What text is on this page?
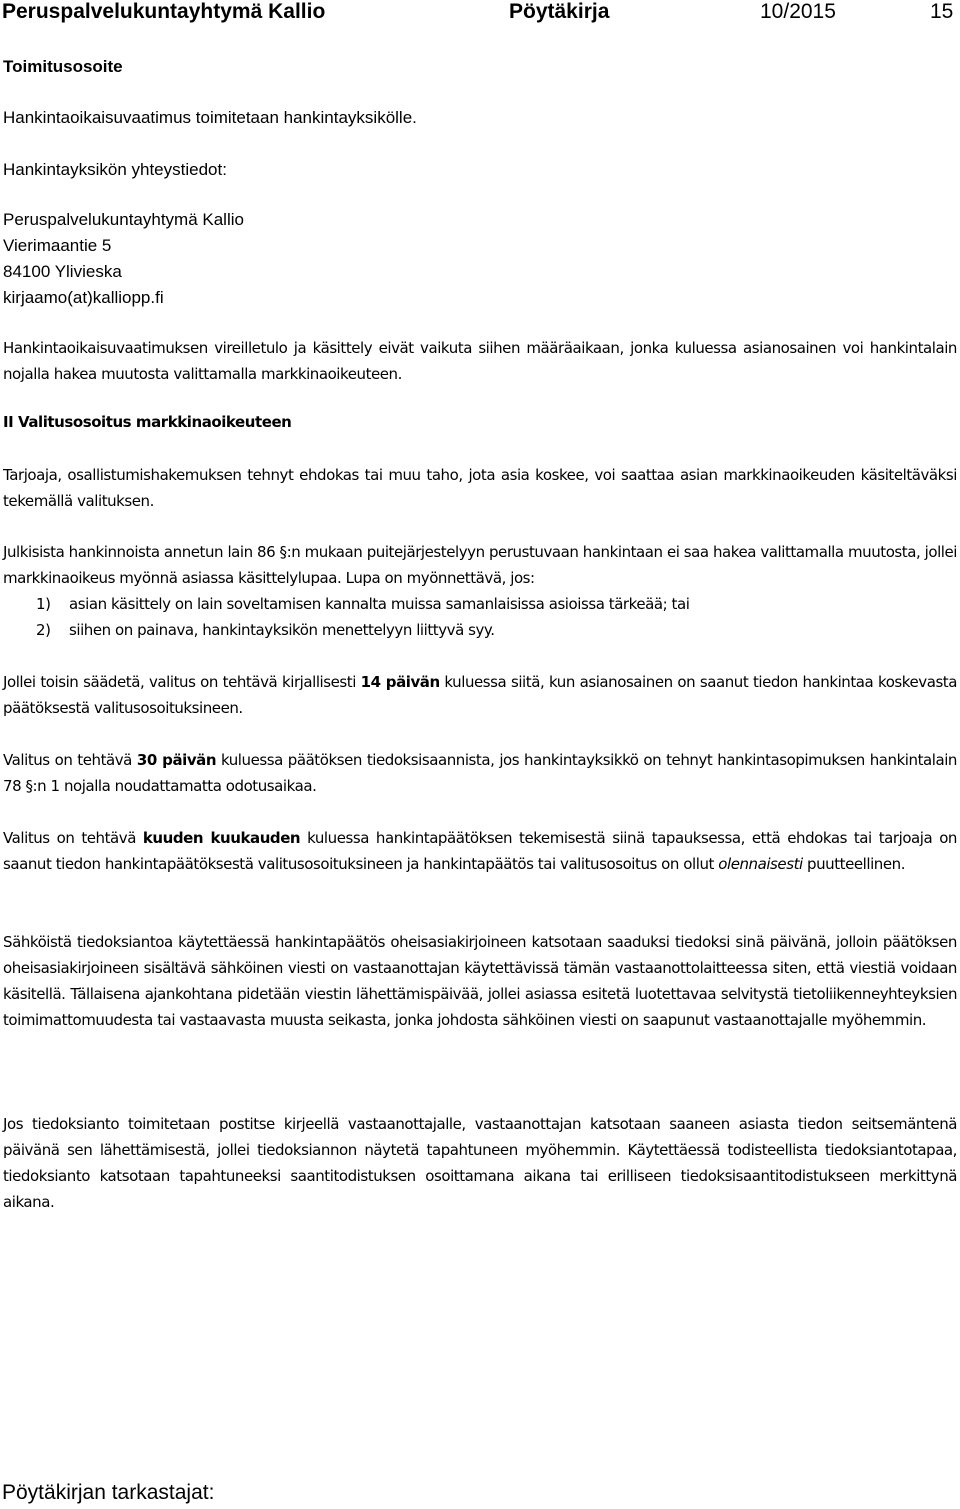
Peruspalvelukuntayhtymä Kallio	Pöytäkirja	10/2015	15

Toimitusosoite

Hankintaoikaisuvaatimus toimitetaan hankintayksikölle.

Hankintayksikön yhteystiedot:

Peruspalvelukuntayhtymä Kallio
Vierimaantie 5
84100 Ylivieska
kirjaamo(at)kalliopp.fi

Hankintaoikaisuvaatimuksen vireilletulo ja käsittely eivät vaikuta siihen määräaikaan, jonka kuluessa asianosainen voi hankintalain nojalla hakea muutosta valittamalla markkinaoikeuteen.

II Valitusosoitus markkinaoikeuteen

Tarjoaja, osallistumishakemuksen tehnyt ehdokas tai muu taho, jota asia koskee, voi saattaa asian markkinaoikeuden käsiteltäväksi tekemällä valituksen.

Julkisista hankinnoista annetun lain 86 §:n mukaan puitejärjestelyyn perustuvaan hankintaan ei saa hakea valittamalla muutosta, jollei markkinaoikeus myönnä asiassa käsittelylupaa. Lupa on myönnettävä, jos:

1) asian käsittely on lain soveltamisen kannalta muissa samanlaisissa asioissa tärkeää; tai
2) siihen on painava, hankintayksikön menettelyyn liittyvä syy.

Jollei toisin säädetä, valitus on tehtävä kirjallisesti 14 päivän kuluessa siitä, kun asianosainen on saanut tiedon hankintaa koskevasta päätöksestä valitusosoituksineen.

Valitus on tehtävä 30 päivän kuluessa päätöksen tiedoksisaannista, jos hankintayksikkö on tehnyt hankintasopimuksen hankintalain 78 §:n 1 nojalla noudattamatta odotusaikaa.

Valitus on tehtävä kuuden kuukauden kuluessa hankintapäätöksen tekemisestä siinä tapauksessa, että ehdokas tai tarjoaja on saanut tiedon hankintapäätöksestä valitusosoituksineen ja hankintapäätös tai valitusosoitus on ollut olennaisesti puutteellinen.

Sähköistä tiedoksiantoa käytettäessä hankintapäätös oheisasiakirjoineen katsotaan saaduksi tiedoksi sinä päivänä, jolloin päätöksen oheisasiakirjoineen sisältävä sähköinen viesti on vastaanottajan käytettävissä tämän vastaanottolaitteessa siten, että viestiä voidaan käsitellä. Tällaisena ajankohtana pidetään viestin lähettämispäivää, jollei asiassa esitetä luotettavaa selvitystä tietoliikenneyhteyksien toimimattomuudesta tai vastaavasta muusta seikasta, jonka johdosta sähköinen viesti on saapunut vastaanottajalle myöhemmin.

Jos tiedoksianto toimitetaan postitse kirjeellä vastaanottajalle, vastaanottajan katsotaan saaneen asiasta tiedon seitsemäntenä päivänä sen lähettämisestä, jollei tiedoksiannon näytetä tapahtuneen myöhemmin. Käytettäessä todisteellista tiedoksiantotapaa, tiedoksianto katsotaan tapahtuneeksi saantitodistuksen osoittamana aikana tai erilliseen tiedoksisaantitodistukseen merkittynä aikana.

Pöytäkirjan tarkastajat:
